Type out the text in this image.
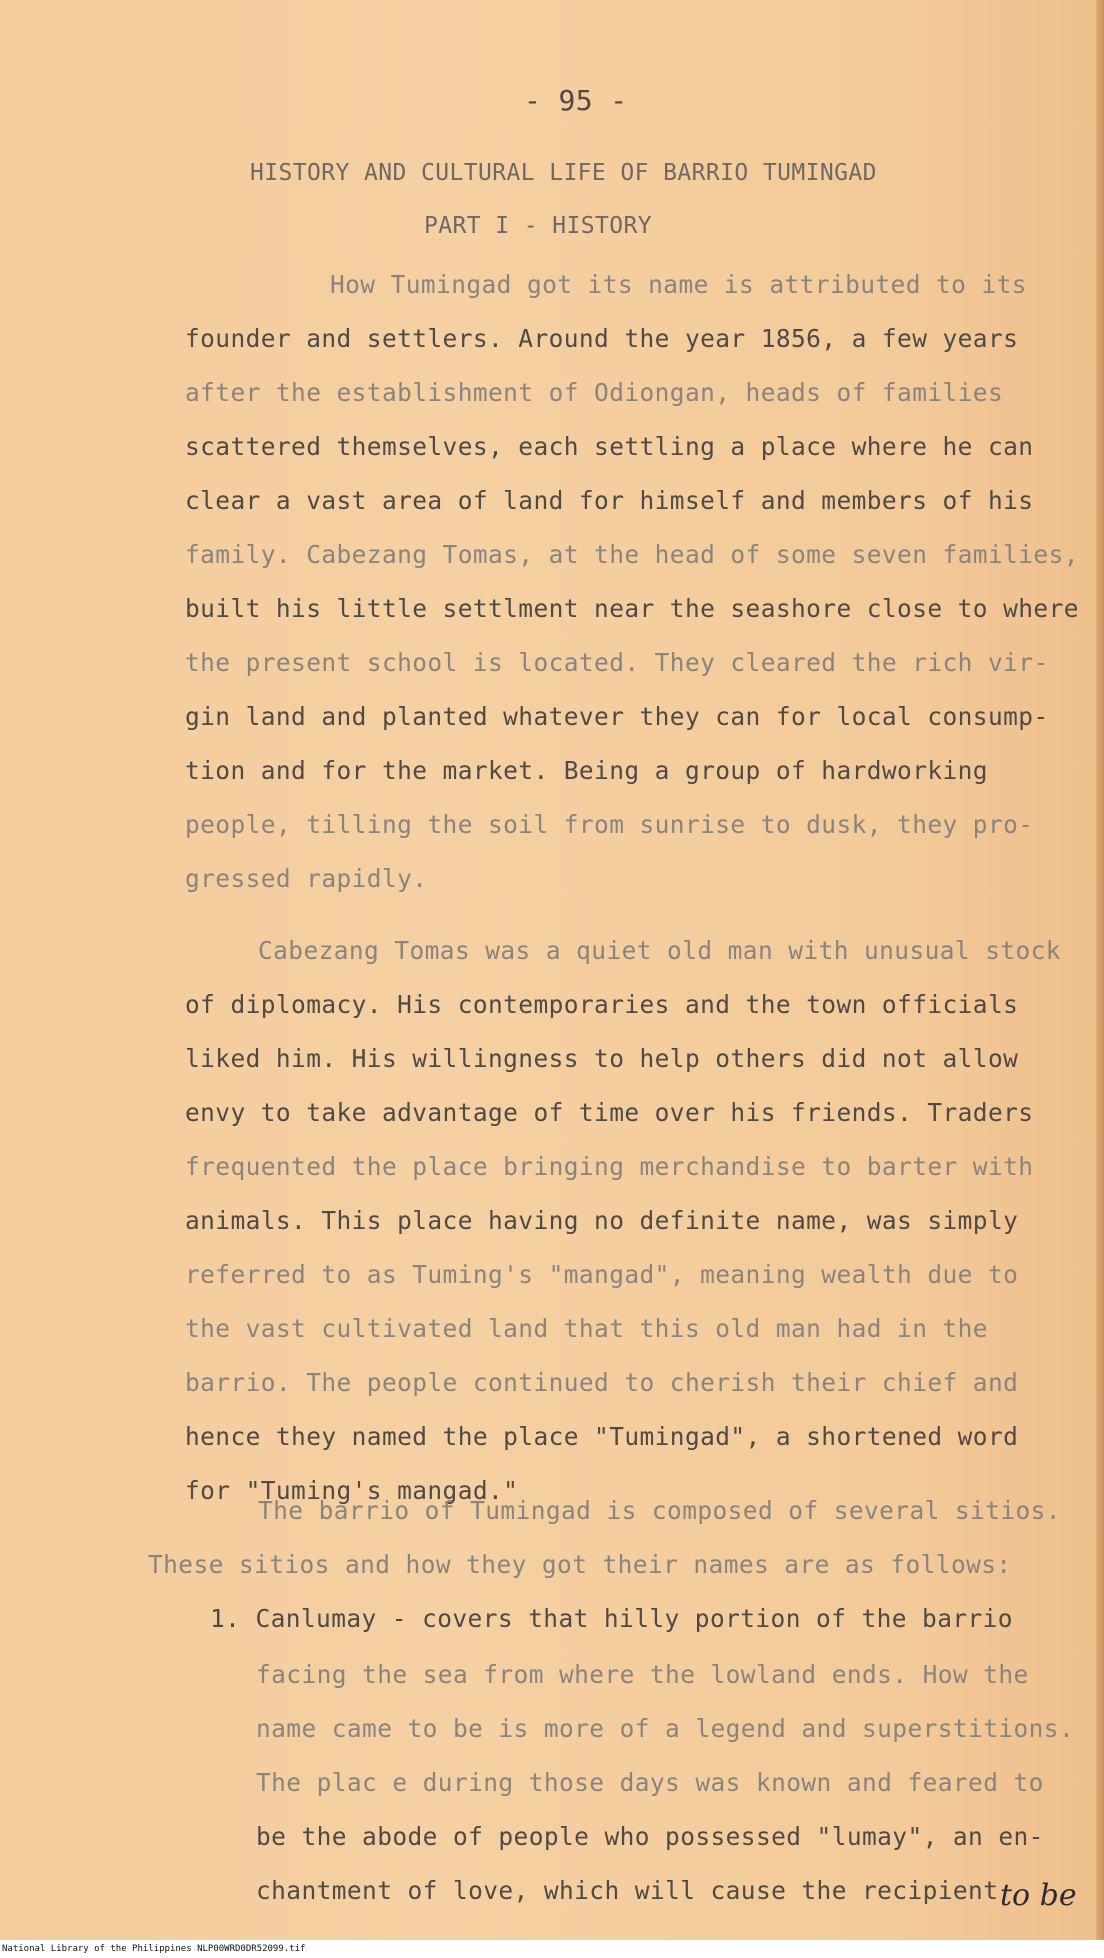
- 95 -

HISTORY AND CULTURAL LIFE OF BARRIO TUMINGAD

PART I - HISTORY

How Tumingad got its name is attributed to its

founder and settlers. Around the year 1856, a few years

after the establishment of Odiongan, heads of families

scattered themselves, each settling a place where he can

clear a vast area of land for himself and members of his

family. Cabezang Tomas, at the head of some seven families,

built his little settlment near the seashore close to where

the present school is located. They cleared the rich vir-

gin land and planted whatever they can for local consump-

tion and for the market. Being a group of hardworking

people, tilling the soil from sunrise to dusk, they pro-

gressed rapidly.

Cabezang Tomas was a quiet old man with unusual stock

of diplomacy. His contemporaries and the town officials

liked him. His willingness to help others did not allow

envy to take advantage of time over his friends. Traders

frequented the place bringing merchandise to barter with

animals. This place having no definite name, was simply

referred to as Tuming's "mangad", meaning wealth due to

the vast cultivated land that this old man had in the

barrio. The people continued to cherish their chief and

hence they named the place "Tumingad", a shortened word

for "Tuming's mangad."

The barrio of Tumingad is composed of several sitios.

These sitios and how they got their names are as follows:

1. Canlumay - covers that hilly portion of the barrio

facing the sea from where the lowland ends. How the

name came to be is more of a legend and superstitions.

The plac e during those days was known and feared to

be the abode of people who possessed "lumay", an en-

to be

chantment of love, which will cause the recipient

National Library of the Philippines NLP00WRD0DR52099.tif
